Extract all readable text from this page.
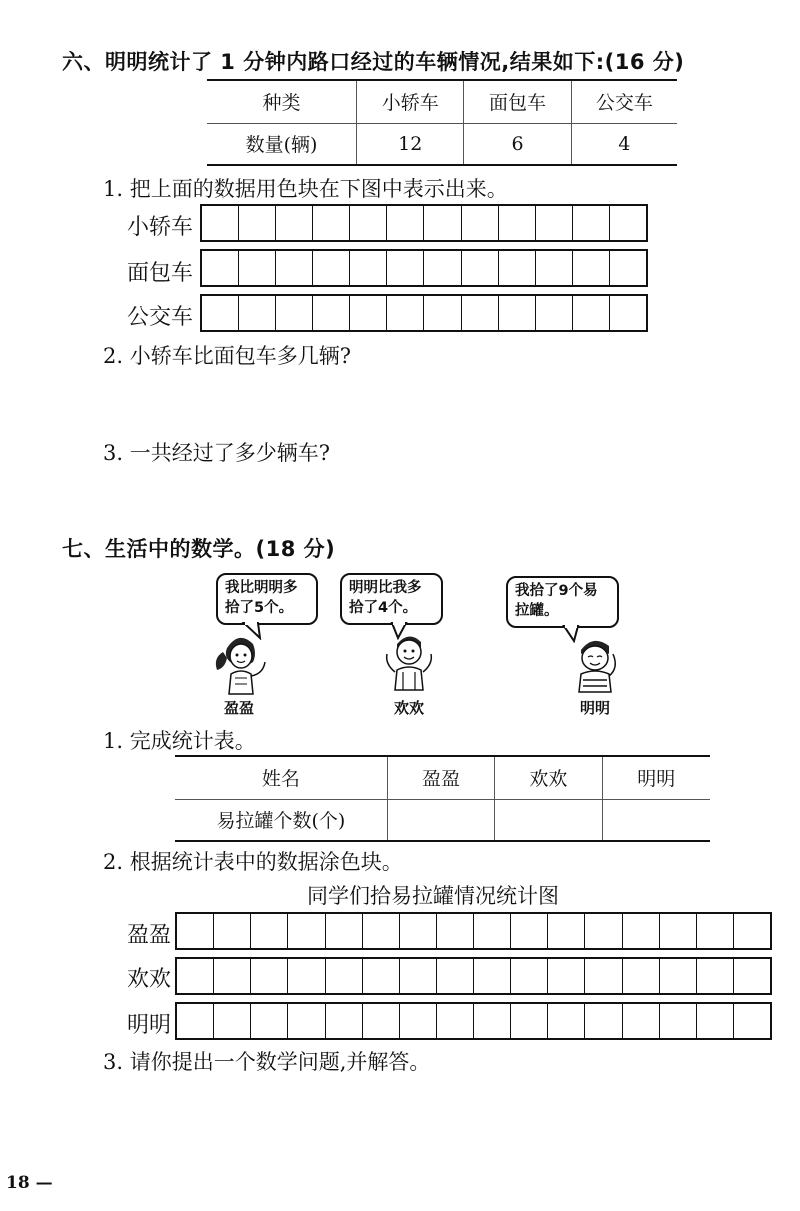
六、明明统计了 1 分钟内路口经过的车辆情况,结果如下:(16 分)
种类	小轿车	面包车	公交车
数量(辆)	12	6	4
1. 把上面的数据用色块在下图中表示出来。
小轿车
面包车
公交车
2. 小轿车比面包车多几辆?
3. 一共经过了多少辆车?
七、生活中的数学。(18 分)
我比明明多
拾了5个。
明明比我多
拾了4个。
我拾了9个易
拉罐。
盈盈	欢欢	明明
1. 完成统计表。
姓名	盈盈	欢欢	明明
易拉罐个数(个)			
2. 根据统计表中的数据涂色块。
同学们拾易拉罐情况统计图
盈盈
欢欢
明明
3. 请你提出一个数学问题,并解答。
18 —
